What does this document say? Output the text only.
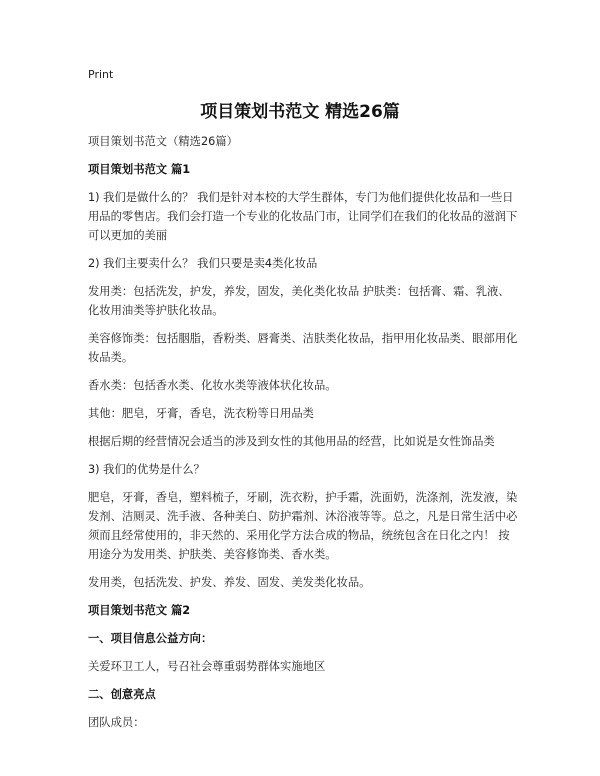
Print
项目策划书范文 精选26篇

项目策划书范文（精选26篇）

项目策划书范文 篇1

1) 我们是做什么的？ 我们是针对本校的大学生群体，专门为他们提供化妆品和一些日用品的零售店。我们会打造一个专业的化妆品门市，让同学们在我们的化妆品的滋润下可以更加的美丽

2) 我们主要卖什么？ 我们只要是卖4类化妆品

发用类：包括洗发，护发，养发，固发，美化类化妆品 护肤类：包括膏、霜、乳液、化妆用油类等护肤化妆品。

美容修饰类：包括胭脂，香粉类、唇膏类、洁肤类化妆品，指甲用化妆品类、眼部用化妆品类。

香水类：包括香水类、化妆水类等液体状化妆品。

其他：肥皂，牙膏，香皂，洗衣粉等日用品类

根据后期的经营情况会适当的涉及到女性的其他用品的经营，比如说是女性饰品类

3) 我们的优势是什么？

肥皂，牙膏，香皂，塑料梳子，牙刷，洗衣粉，护手霜，洗面奶，洗涤剂，洗发液，染发剂、洁厕灵、洗手液、各种美白、防护霜剂、沐浴液等等。总之，凡是日常生活中必须而且经常使用的，非天然的、采用化学方法合成的物品，统统包含在日化之内！ 按用途分为发用类、护肤类、美容修饰类、香水类。

发用类，包括洗发、护发、养发、固发、美发类化妆品。

项目策划书范文 篇2

一、项目信息公益方向：

关爱环卫工人，号召社会尊重弱势群体实施地区

二、创意亮点

团队成员：
